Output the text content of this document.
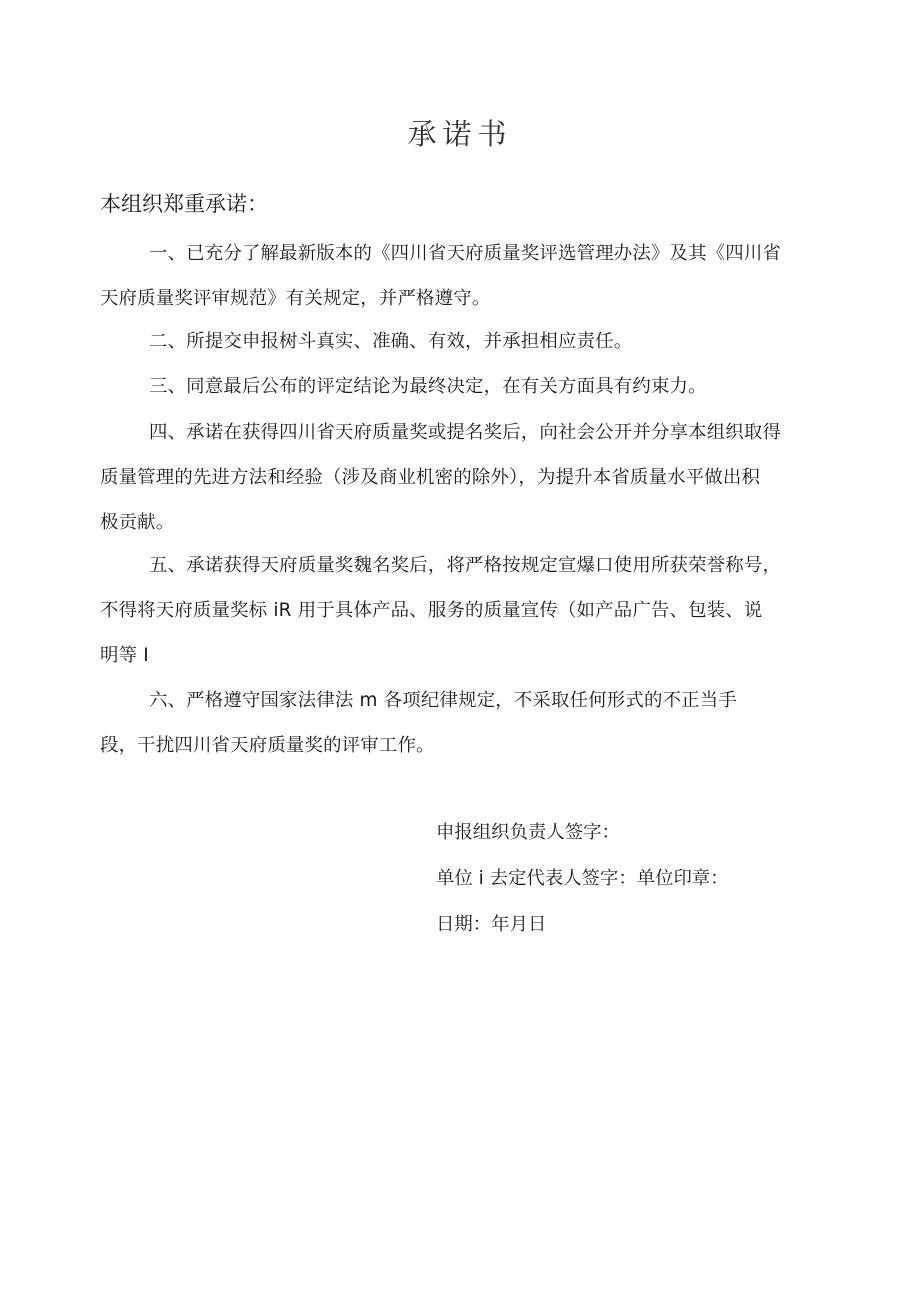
承诺书
本组织郑重承诺：
一、已充分了解最新版本的《四川省天府质量奖评选管理办法》及其《四川省
天府质量奖评审规范》有关规定，并严格遵守。
二、所提交申报树斗真实、准确、有效，并承担相应责任。
三、同意最后公布的评定结论为最终决定，在有关方面具有约束力。
四、承诺在获得四川省天府质量奖或提名奖后，向社会公开并分享本组织取得
质量管理的先进方法和经验（涉及商业机密的除外），为提升本省质量水平做出积
极贡献。
五、承诺获得天府质量奖魏名奖后，将严格按规定宣爆口使用所获荣誉称号，
不得将天府质量奖标 iR 用于具体产品、服务的质量宣传（如产品广告、包装、说
明等 I
六、严格遵守国家法律法 m 各项纪律规定，不采取任何形式的不正当手
段，干扰四川省天府质量奖的评审工作。
申报组织负责人签字：
单位 i 去定代表人签字：单位印章：
日期：年月日
